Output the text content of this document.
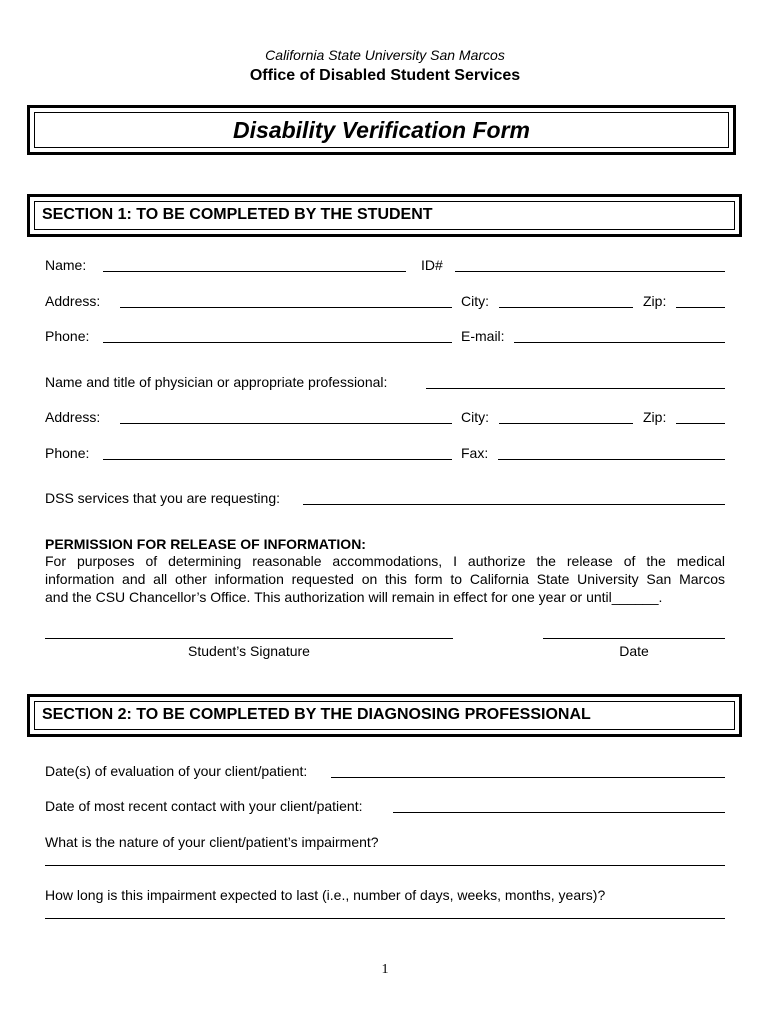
California State University San Marcos
Office of Disabled Student Services
Disability Verification Form
SECTION 1: TO BE COMPLETED BY THE STUDENT
Name:	ID#
Address:	City:	Zip:
Phone:	E-mail:
Name and title of physician or appropriate professional:
Address:	City:	Zip:
Phone:	Fax:
DSS services that you are requesting:
PERMISSION FOR RELEASE OF INFORMATION:
For purposes of determining reasonable accommodations, I authorize the release of the medical
information and all other information requested on this form to California State University San Marcos
and the CSU Chancellor’s Office. This authorization will remain in effect for one year or until______.
Student’s Signature	Date
SECTION 2: TO BE COMPLETED BY THE DIAGNOSING PROFESSIONAL
Date(s) of evaluation of your client/patient:
Date of most recent contact with your client/patient:
What is the nature of your client/patient’s impairment?
How long is this impairment expected to last (i.e., number of days, weeks, months, years)?
1
